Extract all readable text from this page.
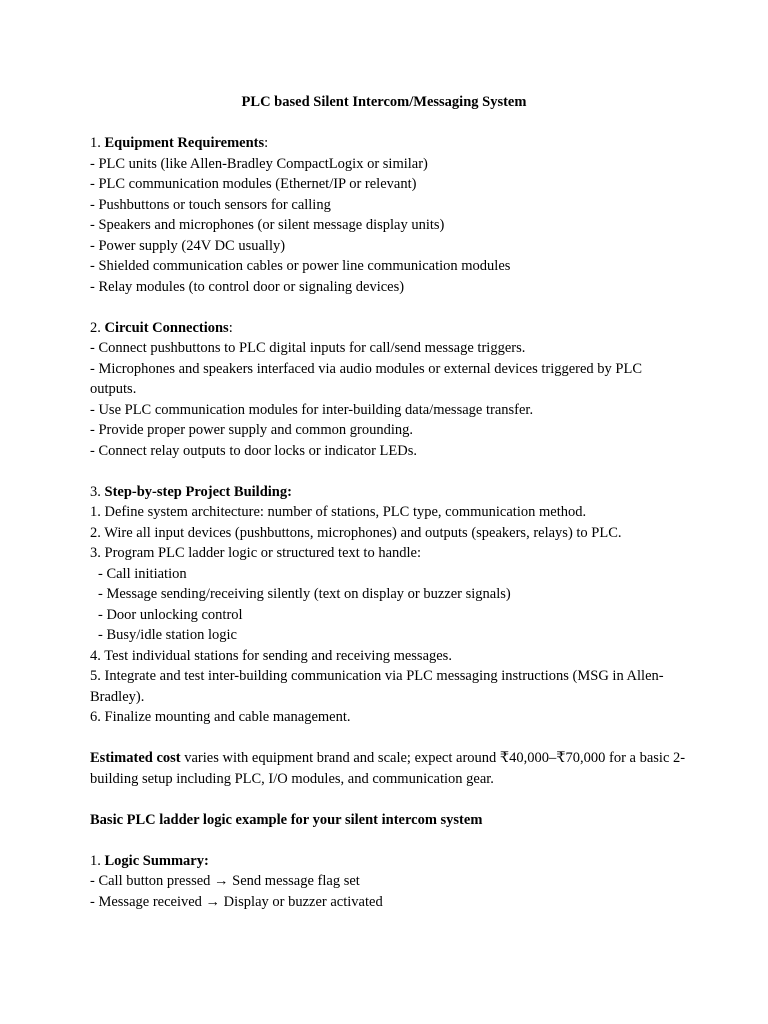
PLC based Silent Intercom/Messaging System
1. Equipment Requirements:
- PLC units (like Allen-Bradley CompactLogix or similar)
- PLC communication modules (Ethernet/IP or relevant)
- Pushbuttons or touch sensors for calling
- Speakers and microphones (or silent message display units)
- Power supply (24V DC usually)
- Shielded communication cables or power line communication modules
- Relay modules (to control door or signaling devices)
2. Circuit Connections:
- Connect pushbuttons to PLC digital inputs for call/send message triggers.
- Microphones and speakers interfaced via audio modules or external devices triggered by PLC outputs.
- Use PLC communication modules for inter-building data/message transfer.
- Provide proper power supply and common grounding.
- Connect relay outputs to door locks or indicator LEDs.
3. Step-by-step Project Building:
1. Define system architecture: number of stations, PLC type, communication method.
2. Wire all input devices (pushbuttons, microphones) and outputs (speakers, relays) to PLC.
3. Program PLC ladder logic or structured text to handle:
- Call initiation
- Message sending/receiving silently (text on display or buzzer signals)
- Door unlocking control
- Busy/idle station logic
4. Test individual stations for sending and receiving messages.
5. Integrate and test inter-building communication via PLC messaging instructions (MSG in Allen-Bradley).
6. Finalize mounting and cable management.
Estimated cost varies with equipment brand and scale; expect around ₹40,000–₹70,000 for a basic 2-building setup including PLC, I/O modules, and communication gear.
Basic PLC ladder logic example for your silent intercom system
1. Logic Summary:
- Call button pressed → Send message flag set
- Message received → Display or buzzer activated
